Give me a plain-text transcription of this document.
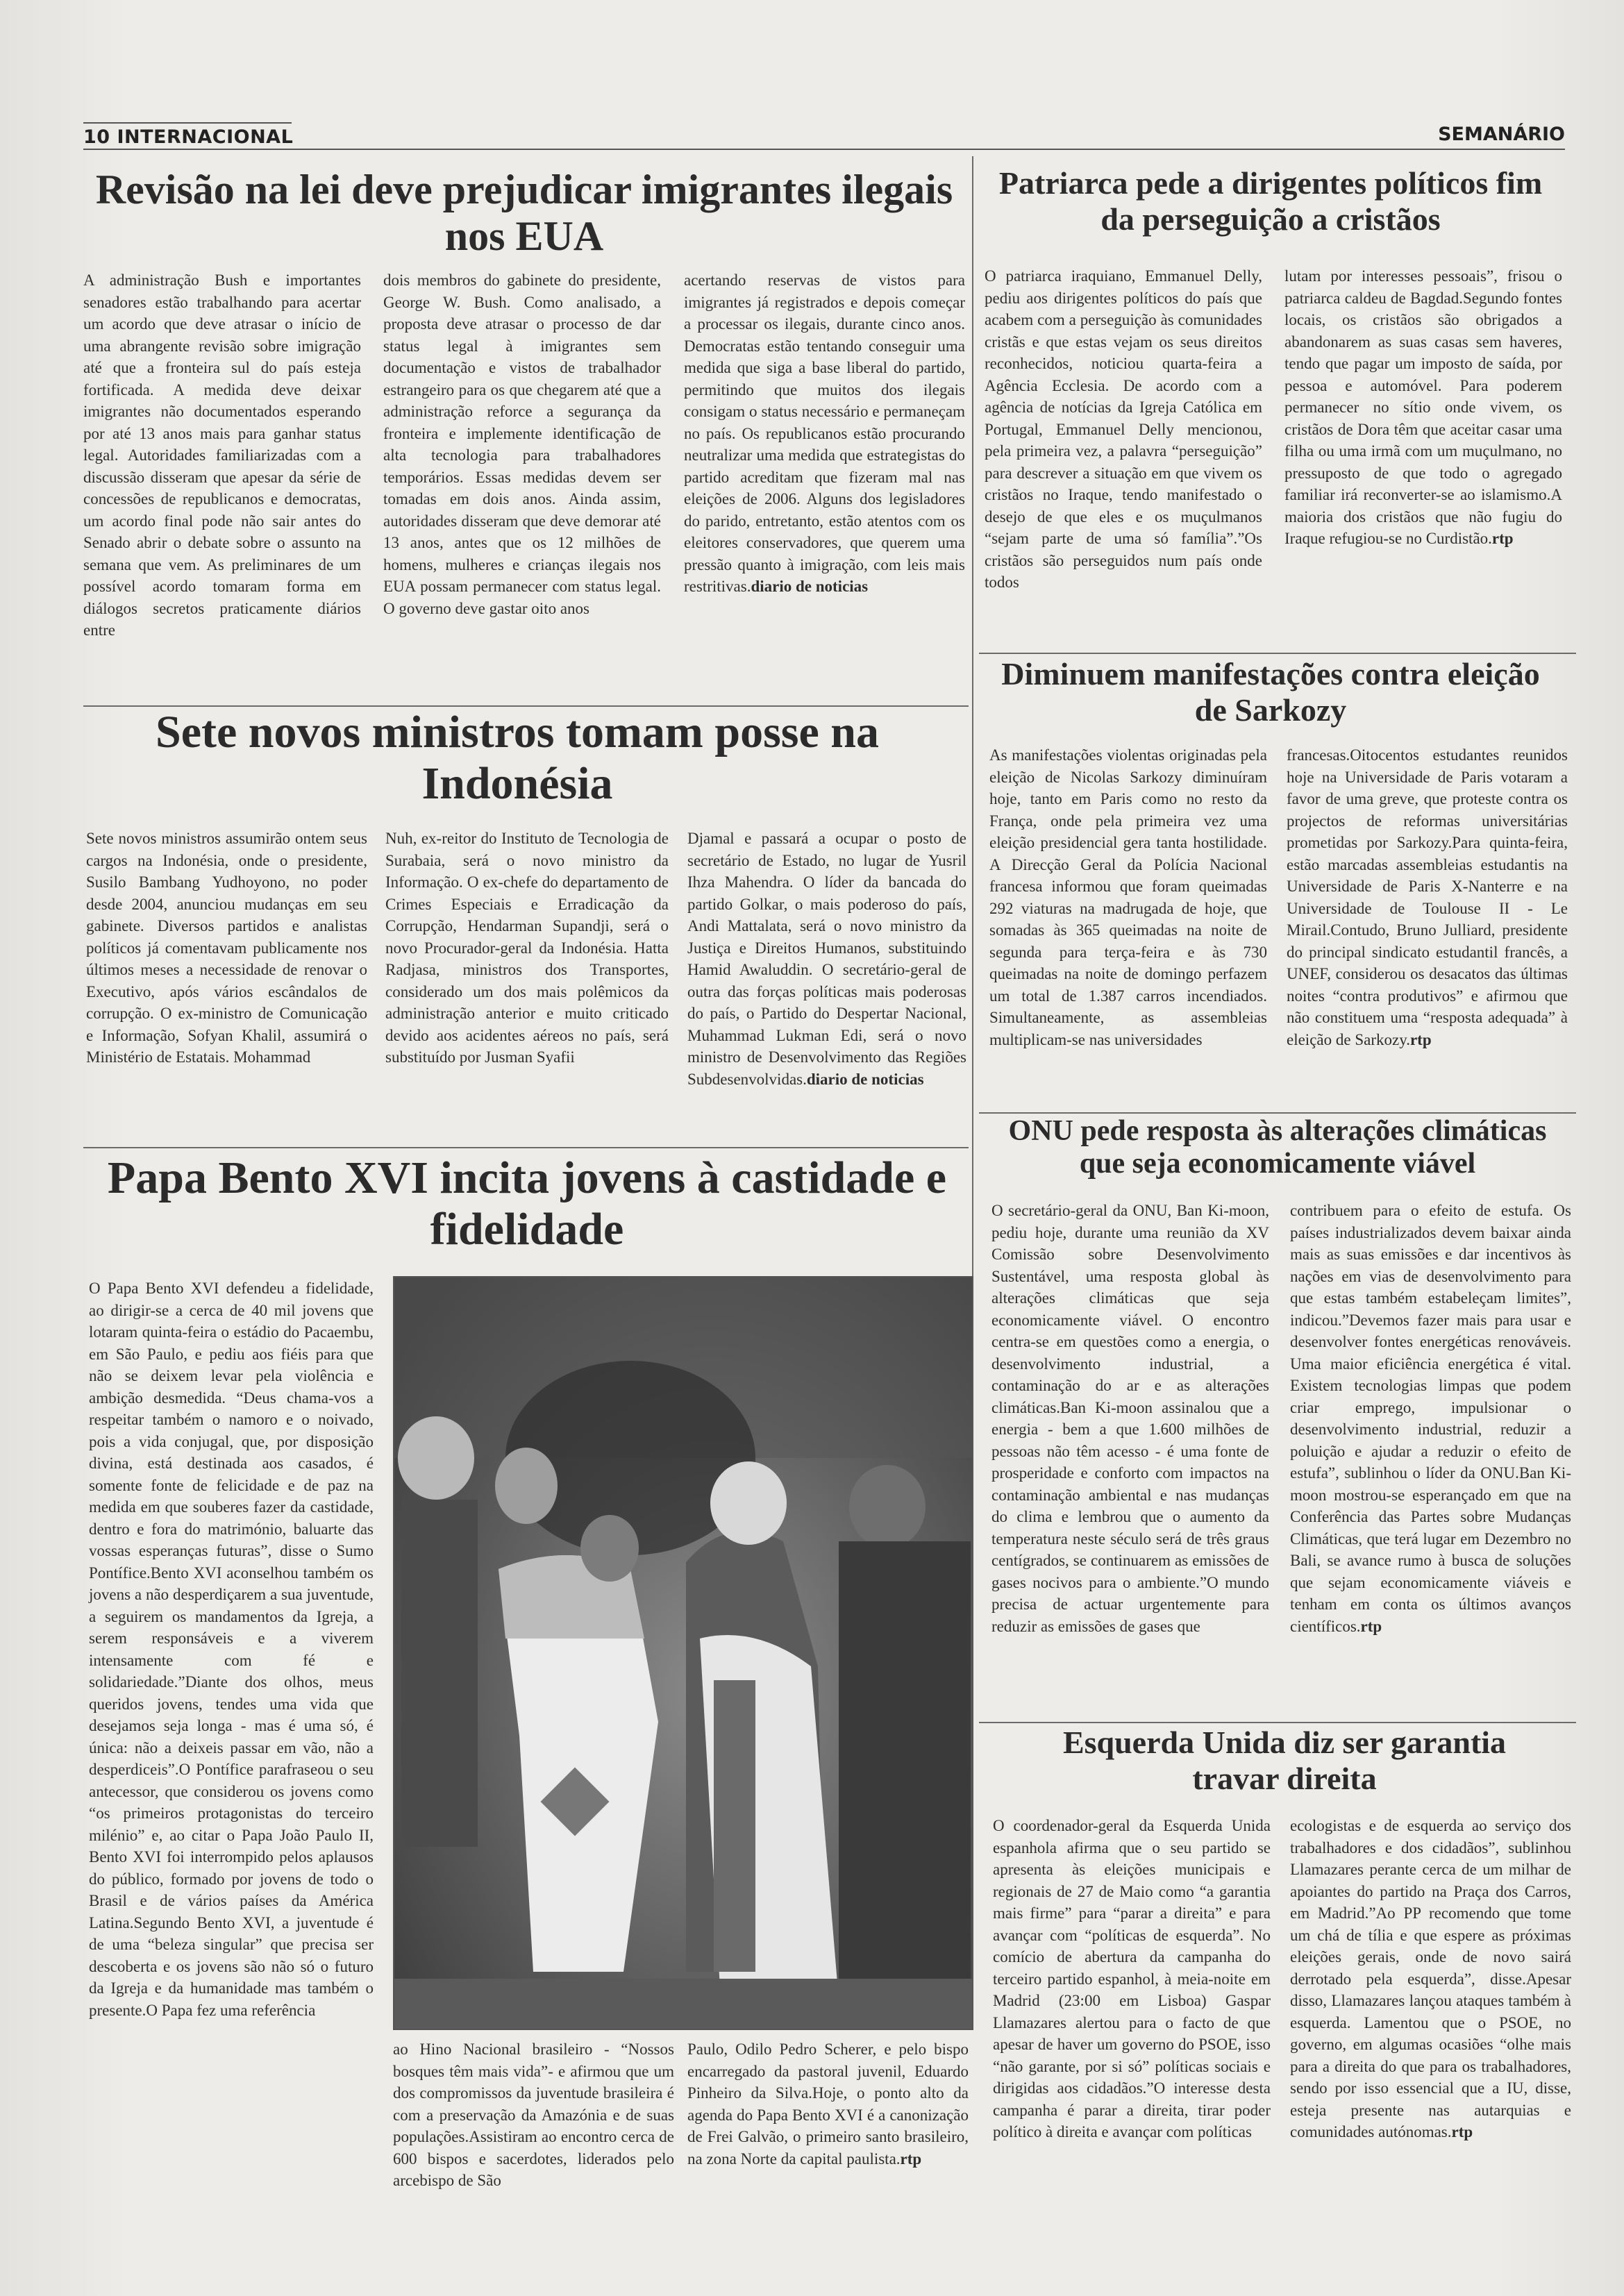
10 INTERNACIONAL	SEMANÁRIO
Revisão na lei deve prejudicar imigrantes ilegais nos EUA

A administração Bush e importantes senadores estão trabalhando para acertar um acordo que deve atrasar o início de uma abrangente revisão sobre imigração até que a fronteira sul do país esteja fortificada. A medida deve deixar imigrantes não documentados esperando por até 13 anos mais para ganhar status legal. Autoridades familiarizadas com a discussão disseram que apesar da série de concessões de republicanos e democratas, um acordo final pode não sair antes do Senado abrir o debate sobre o assunto na semana que vem. As preliminares de um possível acordo tomaram forma em diálogos secretos praticamente diários entre

dois membros do gabinete do presidente, George W. Bush. Como analisado, a proposta deve atrasar o processo de dar status legal à imigrantes sem documentação e vistos de trabalhador estrangeiro para os que chegarem até que a administração reforce a segurança da fronteira e implemente identificação de alta tecnologia para trabalhadores temporários. Essas medidas devem ser tomadas em dois anos. Ainda assim, autoridades disseram que deve demorar até 13 anos, antes que os 12 milhões de homens, mulheres e crianças ilegais nos EUA possam permanecer com status legal. O governo deve gastar oito anos

acertando reservas de vistos para imigrantes já registrados e depois começar a processar os ilegais, durante cinco anos. Democratas estão tentando conseguir uma medida que siga a base liberal do partido, permitindo que muitos dos ilegais consigam o status necessário e permaneçam no país. Os republicanos estão procurando neutralizar uma medida que estrategistas do partido acreditam que fizeram mal nas eleições de 2006. Alguns dos legisladores do parido, entretanto, estão atentos com os eleitores conservadores, que querem uma pressão quanto à imigração, com leis mais restritivas.diario de noticias

Patriarca pede a dirigentes políticos fim da perseguição a cristãos

O patriarca iraquiano, Emmanuel Delly, pediu aos dirigentes políticos do país que acabem com a perseguição às comunidades cristãs e que estas vejam os seus direitos reconhecidos, noticiou quarta-feira a Agência Ecclesia. De acordo com a agência de notícias da Igreja Católica em Portugal, Emmanuel Delly mencionou, pela primeira vez, a palavra “perseguição” para descrever a situação em que vivem os cristãos no Iraque, tendo manifestado o desejo de que eles e os muçulmanos “sejam parte de uma só família”.”Os cristãos são perseguidos num país onde todos

lutam por interesses pessoais”, frisou o patriarca caldeu de Bagdad.Segundo fontes locais, os cristãos são obrigados a abandonarem as suas casas sem haveres, tendo que pagar um imposto de saída, por pessoa e automóvel. Para poderem permanecer no sítio onde vivem, os cristãos de Dora têm que aceitar casar uma filha ou uma irmã com um muçulmano, no pressuposto de que todo o agregado familiar irá reconverter-se ao islamismo.A maioria dos cristãos que não fugiu do Iraque refugiou-se no Curdistão.rtp

Sete novos ministros tomam posse na Indonésia

Sete novos ministros assumirão ontem seus cargos na Indonésia, onde o presidente, Susilo Bambang Yudhoyono, no poder desde 2004, anunciou mudanças em seu gabinete. Diversos partidos e analistas políticos já comentavam publicamente nos últimos meses a necessidade de renovar o Executivo, após vários escândalos de corrupção. O ex-ministro de Comunicação e Informação, Sofyan Khalil, assumirá o Ministério de Estatais. Mohammad

Nuh, ex-reitor do Instituto de Tecnologia de Surabaia, será o novo ministro da Informação. O ex-chefe do departamento de Crimes Especiais e Erradicação da Corrupção, Hendarman Supandji, será o novo Procurador-geral da Indonésia. Hatta Radjasa, ministros dos Transportes, considerado um dos mais polêmicos da administração anterior e muito criticado devido aos acidentes aéreos no país, será substituído por Jusman Syafii

Djamal e passará a ocupar o posto de secretário de Estado, no lugar de Yusril Ihza Mahendra. O líder da bancada do partido Golkar, o mais poderoso do país, Andi Mattalata, será o novo ministro da Justiça e Direitos Humanos, substituindo Hamid Awaluddin. O secretário-geral de outra das forças políticas mais poderosas do país, o Partido do Despertar Nacional, Muhammad Lukman Edi, será o novo ministro de Desenvolvimento das Regiões Subdesenvolvidas.diario de noticias

Diminuem manifestações contra eleição de Sarkozy

As manifestações violentas originadas pela eleição de Nicolas Sarkozy diminuíram hoje, tanto em Paris como no resto da França, onde pela primeira vez uma eleição presidencial gera tanta hostilidade. A Direcção Geral da Polícia Nacional francesa informou que foram queimadas 292 viaturas na madrugada de hoje, que somadas às 365 queimadas na noite de segunda para terça-feira e às 730 queimadas na noite de domingo perfazem um total de 1.387 carros incendiados. Simultaneamente, as assembleias multiplicam-se nas universidades

francesas.Oitocentos estudantes reunidos hoje na Universidade de Paris votaram a favor de uma greve, que proteste contra os projectos de reformas universitárias prometidas por Sarkozy.Para quinta-feira, estão marcadas assembleias estudantis na Universidade de Paris X-Nanterre e na Universidade de Toulouse II - Le Mirail.Contudo, Bruno Julliard, presidente do principal sindicato estudantil francês, a UNEF, considerou os desacatos das últimas noites “contra produtivos” e afirmou que não constituem uma “resposta adequada” à eleição de Sarkozy.rtp

Papa Bento XVI incita jovens à castidade e fidelidade

O Papa Bento XVI defendeu a fidelidade, ao dirigir-se a cerca de 40 mil jovens que lotaram quinta-feira o estádio do Pacaembu, em São Paulo, e pediu aos fiéis para que não se deixem levar pela violência e ambição desmedida. “Deus chama-vos a respeitar também o namoro e o noivado, pois a vida conjugal, que, por disposição divina, está destinada aos casados, é somente fonte de felicidade e de paz na medida em que souberes fazer da castidade, dentro e fora do matrimónio, baluarte das vossas esperanças futuras”, disse o Sumo Pontífice.Bento XVI aconselhou também os jovens a não desperdiçarem a sua juventude, a seguirem os mandamentos da Igreja, a serem responsáveis e a viverem intensamente com fé e solidariedade.”Diante dos olhos, meus queridos jovens, tendes uma vida que desejamos seja longa - mas é uma só, é única: não a deixeis passar em vão, não a desperdiceis”.O Pontífice parafraseou o seu antecessor, que considerou os jovens como “os primeiros protagonistas do terceiro milénio” e, ao citar o Papa João Paulo II, Bento XVI foi interrompido pelos aplausos do público, formado por jovens de todo o Brasil e de vários países da América Latina.Segundo Bento XVI, a juventude é de uma “beleza singular” que precisa ser descoberta e os jovens são não só o futuro da Igreja e da humanidade mas também o presente.O Papa fez uma referência

ao Hino Nacional brasileiro - “Nossos bosques têm mais vida”- e afirmou que um dos compromissos da juventude brasileira é com a preservação da Amazónia e de suas populações.Assistiram ao encontro cerca de 600 bispos e sacerdotes, liderados pelo arcebispo de São

Paulo, Odilo Pedro Scherer, e pelo bispo encarregado da pastoral juvenil, Eduardo Pinheiro da Silva.Hoje, o ponto alto da agenda do Papa Bento XVI é a canonização de Frei Galvão, o primeiro santo brasileiro, na zona Norte da capital paulista.rtp

ONU pede resposta às alterações climáticas que seja economicamente viável

O secretário-geral da ONU, Ban Ki-moon, pediu hoje, durante uma reunião da XV Comissão sobre Desenvolvimento Sustentável, uma resposta global às alterações climáticas que seja economicamente viável. O encontro centra-se em questões como a energia, o desenvolvimento industrial, a contaminação do ar e as alterações climáticas.Ban Ki-moon assinalou que a energia - bem a que 1.600 milhões de pessoas não têm acesso - é uma fonte de prosperidade e conforto com impactos na contaminação ambiental e nas mudanças do clima e lembrou que o aumento da temperatura neste século será de três graus centígrados, se continuarem as emissões de gases nocivos para o ambiente.”O mundo precisa de actuar urgentemente para reduzir as emissões de gases que

contribuem para o efeito de estufa. Os países industrializados devem baixar ainda mais as suas emissões e dar incentivos às nações em vias de desenvolvimento para que estas também estabeleçam limites”, indicou.”Devemos fazer mais para usar e desenvolver fontes energéticas renováveis. Uma maior eficiência energética é vital. Existem tecnologias limpas que podem criar emprego, impulsionar o desenvolvimento industrial, reduzir a poluição e ajudar a reduzir o efeito de estufa”, sublinhou o líder da ONU.Ban Ki-moon mostrou-se esperançado em que na Conferência das Partes sobre Mudanças Climáticas, que terá lugar em Dezembro no Bali, se avance rumo à busca de soluções que sejam economicamente viáveis e tenham em conta os últimos avanços científicos.rtp

Esquerda Unida diz ser garantia travar direita

O coordenador-geral da Esquerda Unida espanhola afirma que o seu partido se apresenta às eleições municipais e regionais de 27 de Maio como “a garantia mais firme” para “parar a direita” e para avançar com “políticas de esquerda”. No comício de abertura da campanha do terceiro partido espanhol, à meia-noite em Madrid (23:00 em Lisboa) Gaspar Llamazares alertou para o facto de que apesar de haver um governo do PSOE, isso “não garante, por si só” políticas sociais e dirigidas aos cidadãos.”O interesse desta campanha é parar a direita, tirar poder político à direita e avançar com políticas

ecologistas e de esquerda ao serviço dos trabalhadores e dos cidadãos”, sublinhou Llamazares perante cerca de um milhar de apoiantes do partido na Praça dos Carros, em Madrid.”Ao PP recomendo que tome um chá de tília e que espere as próximas eleições gerais, onde de novo sairá derrotado pela esquerda”, disse.Apesar disso, Llamazares lançou ataques também à esquerda. Lamentou que o PSOE, no governo, em algumas ocasiões “olhe mais para a direita do que para os trabalhadores, sendo por isso essencial que a IU, disse, esteja presente nas autarquias e comunidades autónomas.rtp
